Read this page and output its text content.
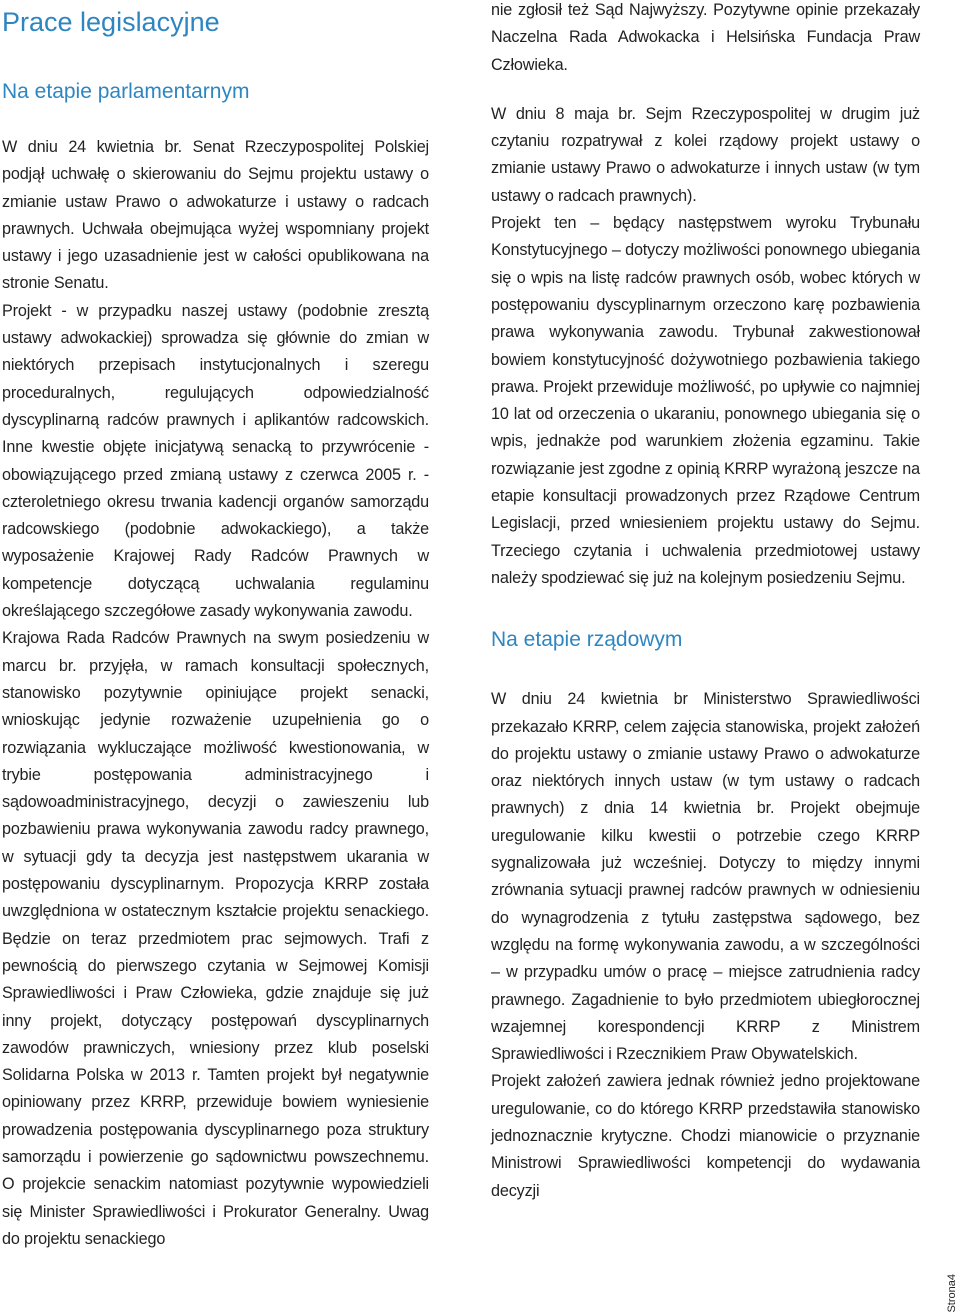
Prace legislacyjne
Na etapie parlamentarnym

W dniu 24 kwietnia br. Senat Rzeczypospolitej Polskiej podjął uchwałę o skierowaniu do Sejmu projektu ustawy o zmianie ustaw Prawo o adwokaturze i ustawy o radcach prawnych. Uchwała obejmująca wyżej wspomniany projekt ustawy i jego uzasadnienie jest w całości opublikowana na stronie Senatu.

Projekt - w przypadku naszej ustawy (podobnie zresztą ustawy adwokackiej) sprowadza się głównie do zmian w niektórych przepisach instytucjonalnych i szeregu proceduralnych, regulujących odpowiedzialność dyscyplinarną radców prawnych i aplikantów radcowskich. Inne kwestie objęte inicjatywą senacką to przywrócenie - obowiązującego przed zmianą ustawy z czerwca 2005 r. - czteroletniego okresu trwania kadencji organów samorządu radcowskiego (podobnie adwokackiego), a także wyposażenie Krajowej Rady Radców Prawnych w kompetencje dotyczącą uchwalania regulaminu określającego szczegółowe zasady wykonywania zawodu.

Krajowa Rada Radców Prawnych na swym posiedzeniu w marcu br. przyjęła, w ramach konsultacji społecznych, stanowisko pozytywnie opiniujące projekt senacki, wnioskując jedynie rozważenie uzupełnienia go o rozwiązania wykluczające możliwość kwestionowania, w trybie postępowania administracyjnego i sądowoadministracyjnego, decyzji o zawieszeniu lub pozbawieniu prawa wykonywania zawodu radcy prawnego, w sytuacji gdy ta decyzja jest następstwem ukarania w postępowaniu dyscyplinarnym. Propozycja KRRP została uwzględniona w ostatecznym kształcie projektu senackiego. Będzie on teraz przedmiotem prac sejmowych. Trafi z pewnością do pierwszego czytania w Sejmowej Komisji Sprawiedliwości i Praw Człowieka, gdzie znajduje się już inny projekt, dotyczący postępowań dyscyplinarnych zawodów prawniczych, wniesiony przez klub poselski Solidarna Polska w 2013 r. Tamten projekt był negatywnie opiniowany przez KRRP, przewiduje bowiem wyniesienie prowadzenia postępowania dyscyplinarnego poza struktury samorządu i powierzenie go sądownictwu powszechnemu. O projekcie senackim natomiast pozytywnie wypowiedzieli się Minister Sprawiedliwości i Prokurator Generalny. Uwag do projektu senackiego

nie zgłosił też Sąd Najwyższy. Pozytywne opinie przekazały Naczelna Rada Adwokacka i Helsińska Fundacja Praw Człowieka.

W dniu 8 maja br. Sejm Rzeczypospolitej w drugim już czytaniu rozpatrywał z kolei rządowy projekt ustawy o zmianie ustawy Prawo o adwokaturze i innych ustaw (w tym ustawy o radcach prawnych).

Projekt ten – będący następstwem wyroku Trybunału Konstytucyjnego – dotyczy możliwości ponownego ubiegania się o wpis na listę radców prawnych osób, wobec których w postępowaniu dyscyplinarnym orzeczono karę pozbawienia prawa wykonywania zawodu. Trybunał zakwestionował bowiem konstytucyjność dożywotniego pozbawienia takiego prawa. Projekt przewiduje możliwość, po upływie co najmniej 10 lat od orzeczenia o ukaraniu, ponownego ubiegania się o wpis, jednakże pod warunkiem złożenia egzaminu. Takie rozwiązanie jest zgodne z opinią KRRP wyrażoną jeszcze na etapie konsultacji prowadzonych przez Rządowe Centrum Legislacji, przed wniesieniem projektu ustawy do Sejmu. Trzeciego czytania i uchwalenia przedmiotowej ustawy należy spodziewać się już na kolejnym posiedzeniu Sejmu.

Na etapie rządowym

W dniu 24 kwietnia br Ministerstwo Sprawiedliwości przekazało KRRP, celem zajęcia stanowiska, projekt założeń do projektu ustawy o zmianie ustawy Prawo o adwokaturze oraz niektórych innych ustaw (w tym ustawy o radcach prawnych) z dnia 14 kwietnia br. Projekt obejmuje uregulowanie kilku kwestii o potrzebie czego KRRP sygnalizowała już wcześniej. Dotyczy to między innymi zrównania sytuacji prawnej radców prawnych w odniesieniu do wynagrodzenia z tytułu zastępstwa sądowego, bez względu na formę wykonywania zawodu, a w szczególności – w przypadku umów o pracę – miejsce zatrudnienia radcy prawnego. Zagadnienie to było przedmiotem ubiegłorocznej wzajemnej korespondencji KRRP z Ministrem Sprawiedliwości i Rzecznikiem Praw Obywatelskich.

Projekt założeń zawiera jednak również jedno projektowane uregulowanie, co do którego KRRP przedstawiła stanowisko jednoznacznie krytyczne. Chodzi mianowicie o przyznanie Ministrowi Sprawiedliwości kompetencji do wydawania decyzji

Strona4
